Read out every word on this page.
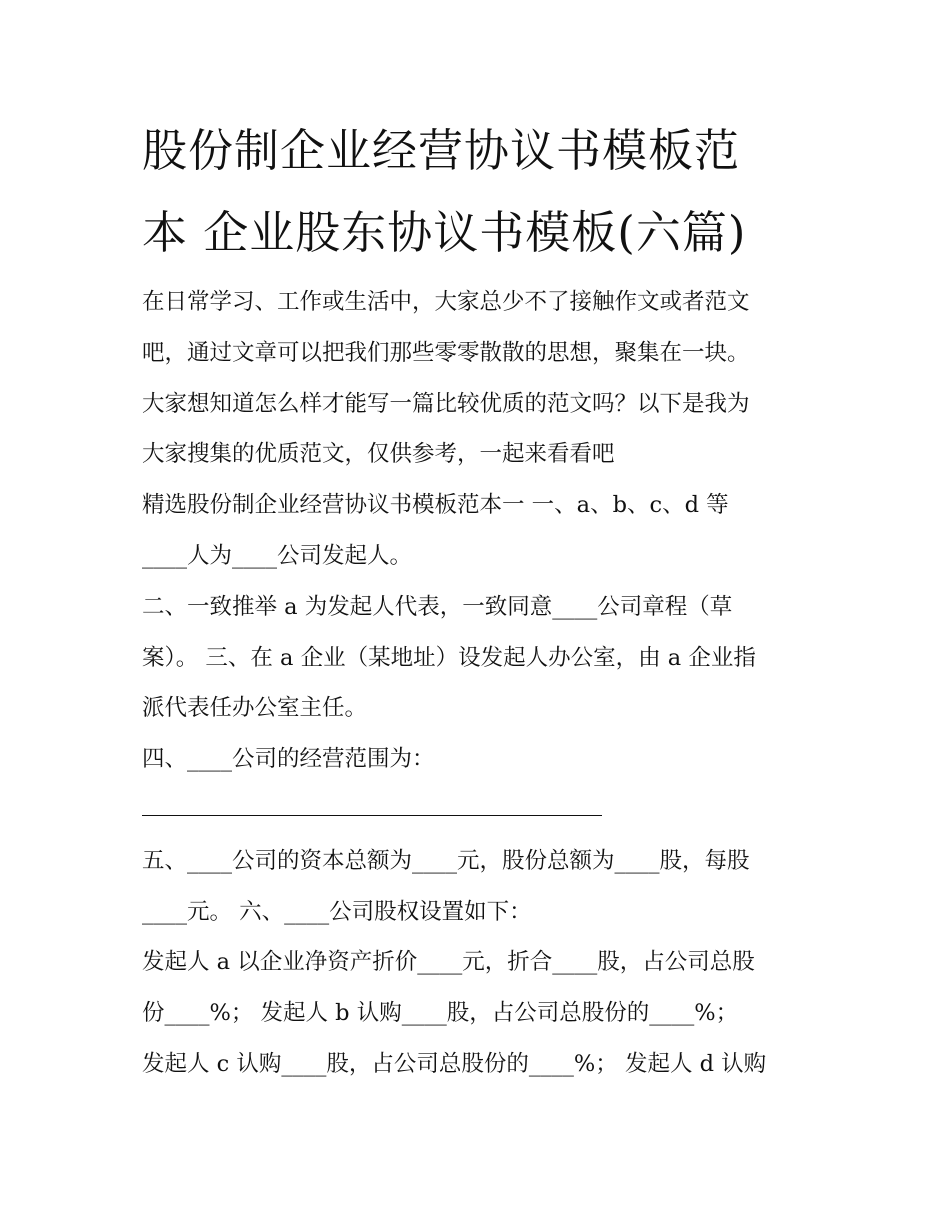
股份制企业经营协议书模板范
本 企业股东协议书模板(六篇)
在日常学习、工作或生活中，大家总少不了接触作文或者范文
吧，通过文章可以把我们那些零零散散的思想，聚集在一块。
大家想知道怎么样才能写一篇比较优质的范文吗？以下是我为
大家搜集的优质范文，仅供参考，一起来看看吧
精选股份制企业经营协议书模板范本一 一、a、b、c、d 等
____人为____公司发起人。
二、一致推举 a 为发起人代表，一致同意____公司章程（草
案）。 三、在 a 企业（某地址）设发起人办公室，由 a 企业指
派代表任办公室主任。
四、____公司的经营范围为：
五、____公司的资本总额为____元，股份总额为____股，每股
____元。 六、____公司股权设置如下：
发起人 a 以企业净资产折价____元，折合____股，占公司总股
份____%； 发起人 b 认购____股，占公司总股份的____%；
发起人 c 认购____股，占公司总股份的____%； 发起人 d 认购
